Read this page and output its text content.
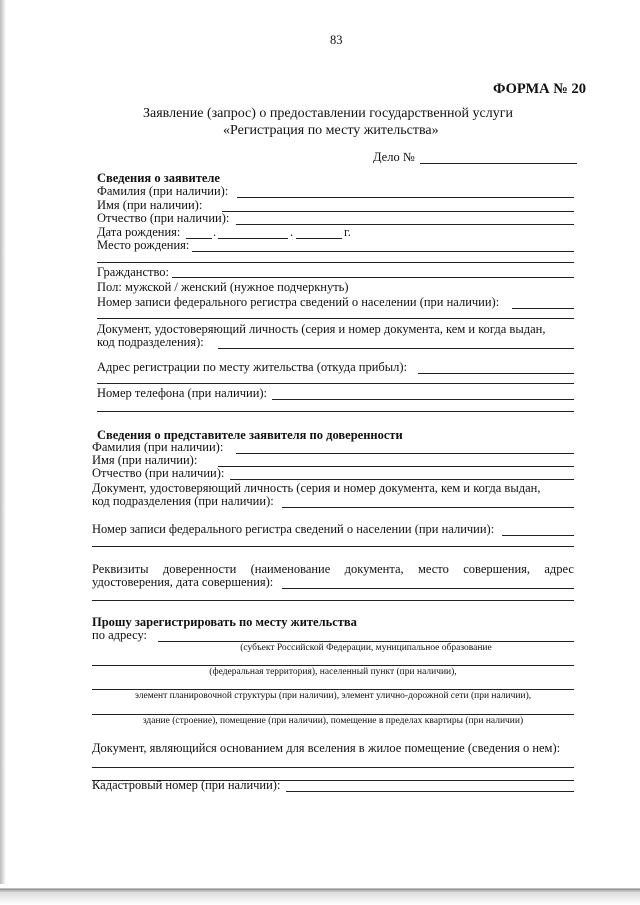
83
ФОРМА № 20
Заявление (запрос) о предоставлении государственной услуги
«Регистрация по месту жительства»
Дело №
Сведения о заявителе
Фамилия (при наличии):
Имя (при наличии):
Отчество (при наличии):
Дата рождения:	.	.	г.
Место рождения:
Гражданство:
Пол: мужской / женский (нужное подчеркнуть)
Номер записи федерального регистра сведений о населении (при наличии):
Документ, удостоверяющий личность (серия и номер документа, кем и когда выдан,
код подразделения):
Адрес регистрации по месту жительства (откуда прибыл):
Номер телефона (при наличии):
Сведения о представителе заявителя по доверенности
Фамилия (при наличии):
Имя (при наличии):
Отчество (при наличии):
Документ, удостоверяющий личность (серия и номер документа, кем и когда выдан,
код подразделения (при наличии):
Номер записи федерального регистра сведений о населении (при наличии):
Реквизиты доверенности (наименование документа, место совершения, адрес
удостоверения, дата совершения):
Прошу зарегистрировать по месту жительства
по адресу:
(субъект Российской Федерации, муниципальное образование
(федеральная территория), населенный пункт (при наличии),
элемент планировочной структуры (при наличии), элемент улично-дорожной сети (при наличии),
здание (строение), помещение (при наличии), помещение в пределах квартиры (при наличии)
Документ, являющийся основанием для вселения в жилое помещение (сведения о нем):
Кадастровый номер (при наличии):
